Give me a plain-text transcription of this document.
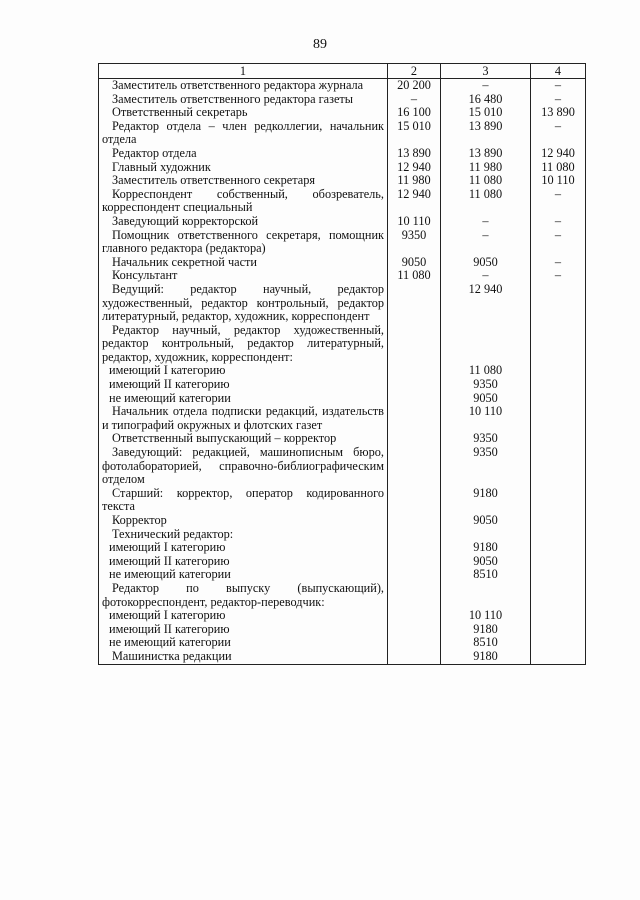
89
1	2	3	4
Заместитель ответственного редактора журнала	20 200	–	–
Заместитель ответственного редактора газеты	–	16 480	–
Ответственный секретарь	16 100	15 010	13 890
Редактор отдела – член редколлегии, начальник отдела	15 010	13 890	–
Редактор отдела	13 890	13 890	12 940
Главный художник	12 940	11 980	11 080
Заместитель ответственного секретаря	11 980	11 080	10 110
Корреспондент собственный, обозреватель, корреспондент специальный	12 940	11 080	–
Заведующий корректорской	10 110	–	–
Помощник ответственного секретаря, помощник главного редактора (редактора)	9350	–	–
Начальник секретной части	9050	9050	–
Консультант	11 080	–	–
Ведущий: редактор научный, редактор художественный, редактор контрольный, редактор литературный, редактор, художник, корреспондент		12 940	
Редактор научный, редактор художественный, редактор контрольный, редактор литературный, редактор, художник, корреспондент:			
имеющий I категорию		11 080	
имеющий II категорию		9350	
не имеющий категории		9050	
Начальник отдела подписки редакций, издательств и типографий окружных и флотских газет		10 110	
Ответственный выпускающий – корректор		9350	
Заведующий: редакцией, машинописным бюро, фотолабораторией, справочно-библиографическим отделом		9350	
Старший: корректор, оператор кодированного текста		9180	
Корректор		9050	
Технический редактор:			
имеющий I категорию		9180	
имеющий II категорию		9050	
не имеющий категории		8510	
Редактор по выпуску (выпускающий), фотокорреспондент, редактор-переводчик:			
имеющий I категорию		10 110	
имеющий II категорию		9180	
не имеющий категории		8510	
Машинистка редакции		9180	
